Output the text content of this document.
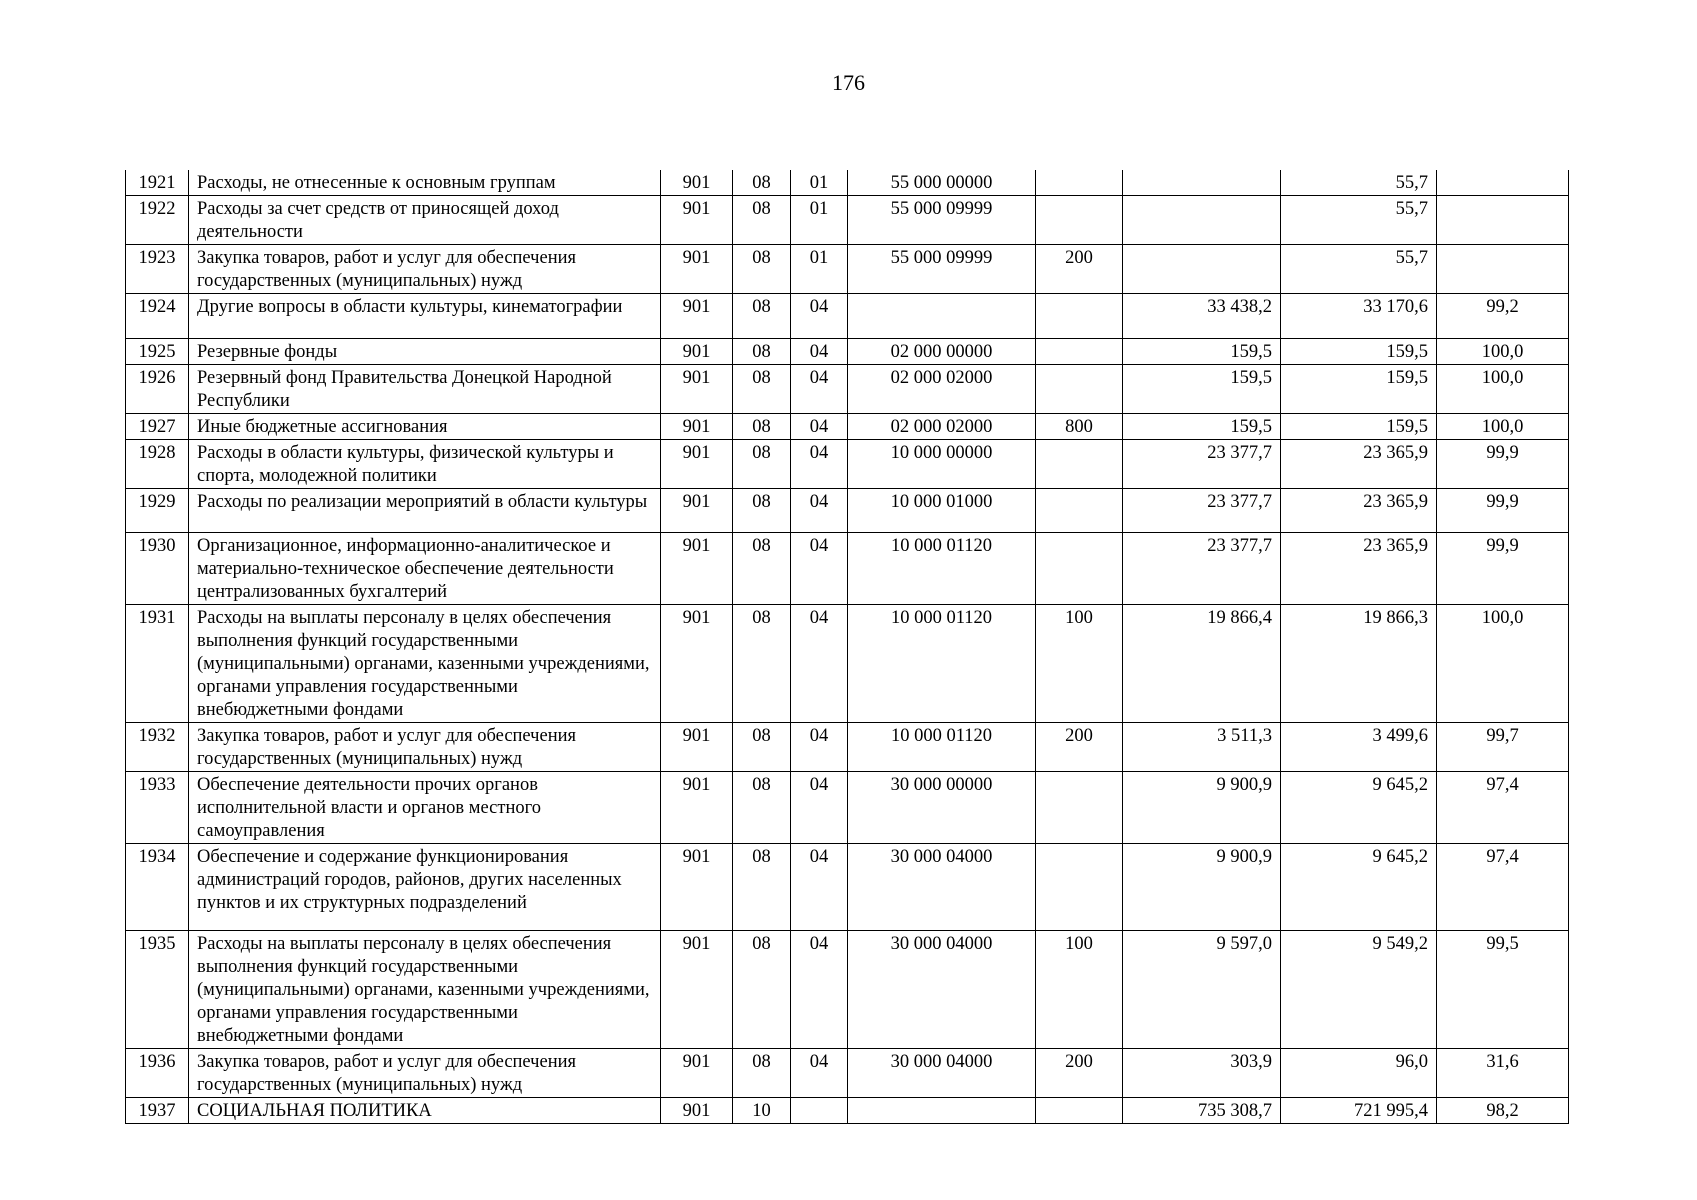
176
1921	Расходы, не отнесенные к основным группам	901	08	01	55 000 00000			55,7	
1922	Расходы за счет средств от приносящей доход деятельности	901	08	01	55 000 09999			55,7	
1923	Закупка товаров, работ и услуг для обеспечения государственных (муниципальных) нужд	901	08	01	55 000 09999	200		55,7	
1924	Другие вопросы в области культуры, кинематографии	901	08	04			33 438,2	33 170,6	99,2
1925	Резервные фонды	901	08	04	02 000 00000		159,5	159,5	100,0
1926	Резервный фонд Правительства Донецкой Народной Республики	901	08	04	02 000 02000		159,5	159,5	100,0
1927	Иные бюджетные ассигнования	901	08	04	02 000 02000	800	159,5	159,5	100,0
1928	Расходы в области культуры, физической культуры и спорта, молодежной политики	901	08	04	10 000 00000		23 377,7	23 365,9	99,9
1929	Расходы по реализации мероприятий в области культуры	901	08	04	10 000 01000		23 377,7	23 365,9	99,9
1930	Организационное, информационно-аналитическое и материально-техническое обеспечение деятельности централизованных бухгалтерий	901	08	04	10 000 01120		23 377,7	23 365,9	99,9
1931	Расходы на выплаты персоналу в целях обеспечения выполнения функций государственными (муниципальными) органами, казенными учреждениями, органами управления государственными внебюджетными фондами	901	08	04	10 000 01120	100	19 866,4	19 866,3	100,0
1932	Закупка товаров, работ и услуг для обеспечения государственных (муниципальных) нужд	901	08	04	10 000 01120	200	3 511,3	3 499,6	99,7
1933	Обеспечение деятельности прочих органов исполнительной власти и органов местного самоуправления	901	08	04	30 000 00000		9 900,9	9 645,2	97,4
1934	Обеспечение и содержание функционирования администраций городов, районов, других населенных пунктов и их структурных подразделений	901	08	04	30 000 04000		9 900,9	9 645,2	97,4
1935	Расходы на выплаты персоналу в целях обеспечения выполнения функций государственными (муниципальными) органами, казенными учреждениями, органами управления государственными внебюджетными фондами	901	08	04	30 000 04000	100	9 597,0	9 549,2	99,5
1936	Закупка товаров, работ и услуг для обеспечения государственных (муниципальных) нужд	901	08	04	30 000 04000	200	303,9	96,0	31,6
1937	СОЦИАЛЬНАЯ ПОЛИТИКА	901	10				735 308,7	721 995,4	98,2
